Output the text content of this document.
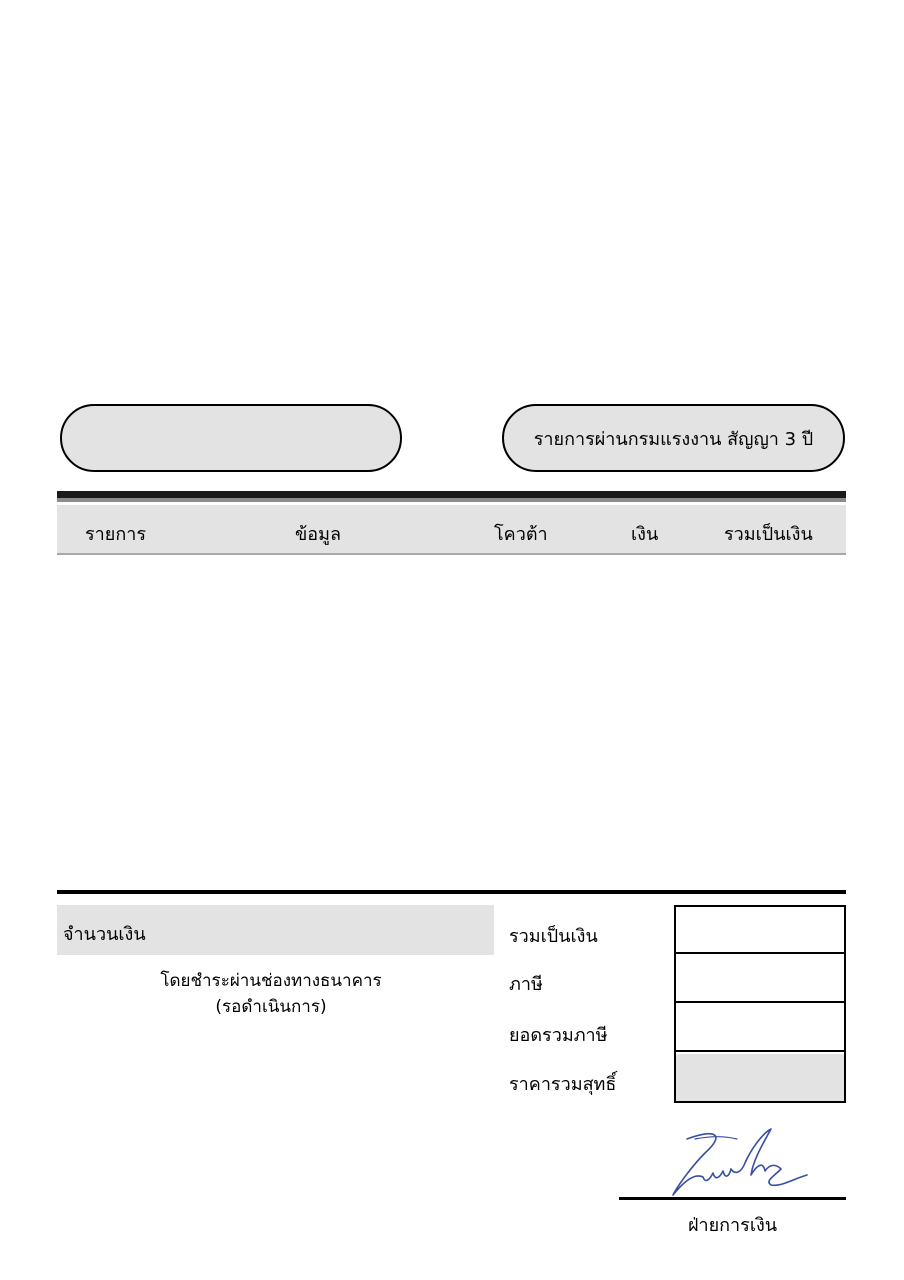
รายการผ่านกรมแรงงาน สัญญา 3 ปี
รายการ	ข้อมูล	โควต้า	เงิน	รวมเป็นเงิน
จำนวนเงิน
โดยชำระผ่านช่องทางธนาคาร
(รอดำเนินการ)
รวมเป็นเงิน
ภาษี
ยอดรวมภาษี
ราคารวมสุทธิ์
ฝ่ายการเงิน
